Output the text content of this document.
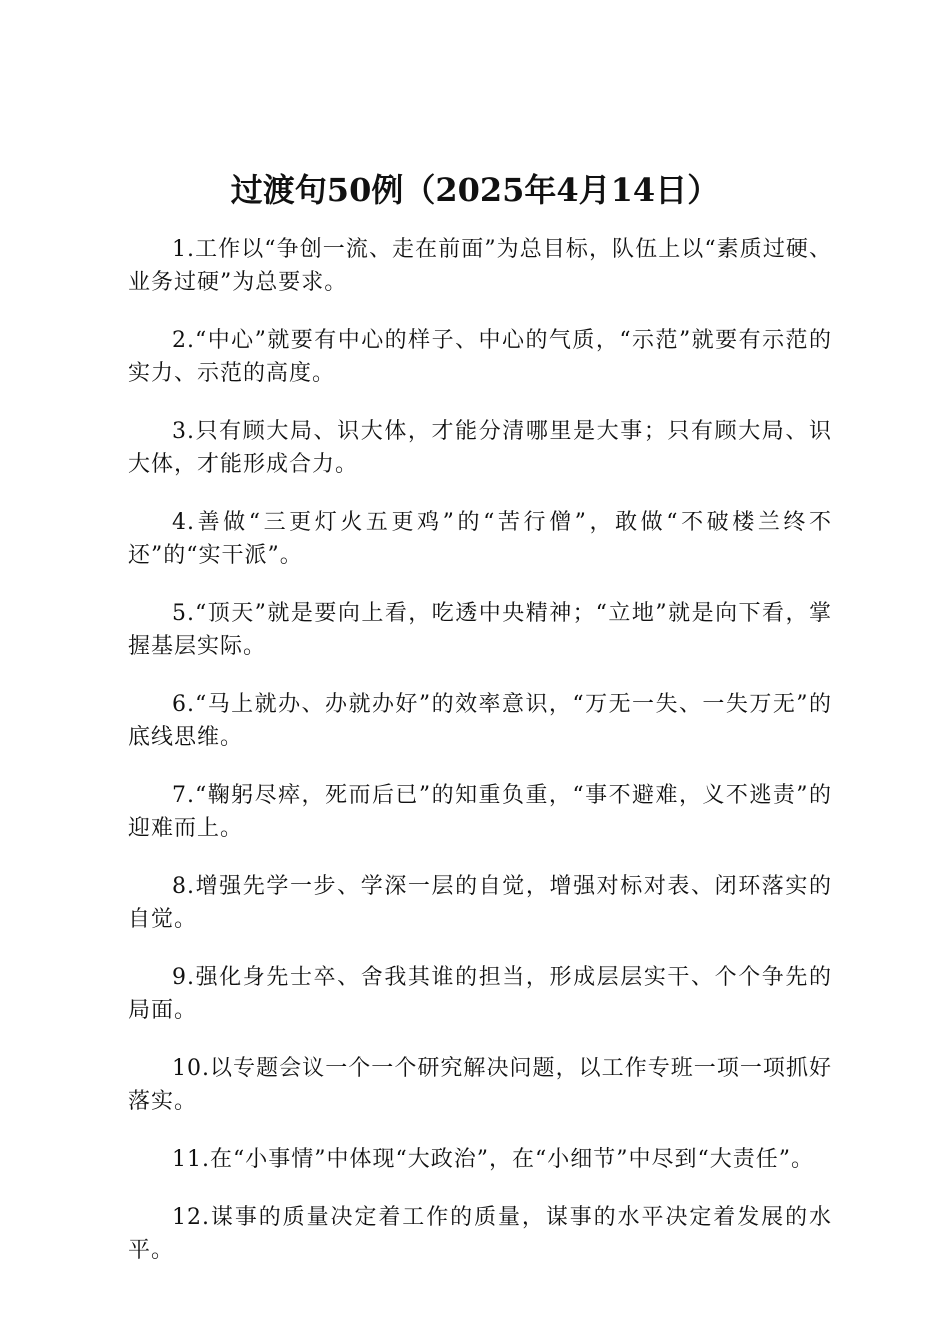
过渡句50例（2025年4月14日）

1.工作以“争创一流、走在前面”为总目标，队伍上以“素质过硬、业务过硬”为总要求。

2.“中心”就要有中心的样子、中心的气质，“示范”就要有示范的实力、示范的高度。

3.只有顾大局、识大体，才能分清哪里是大事；只有顾大局、识大体，才能形成合力。

4.善做“三更灯火五更鸡”的“苦行僧”，敢做“不破楼兰终不还”的“实干派”。

5.“顶天”就是要向上看，吃透中央精神；“立地”就是向下看，掌握基层实际。

6.“马上就办、办就办好”的效率意识，“万无一失、一失万无”的底线思维。

7.“鞠躬尽瘁，死而后已”的知重负重，“事不避难，义不逃责”的迎难而上。

8.增强先学一步、学深一层的自觉，增强对标对表、闭环落实的自觉。

9.强化身先士卒、舍我其谁的担当，形成层层实干、个个争先的局面。

10.以专题会议一个一个研究解决问题，以工作专班一项一项抓好落实。

11.在“小事情”中体现“大政治”，在“小细节”中尽到“大责任”。

12.谋事的质量决定着工作的质量，谋事的水平决定着发展的水平。
